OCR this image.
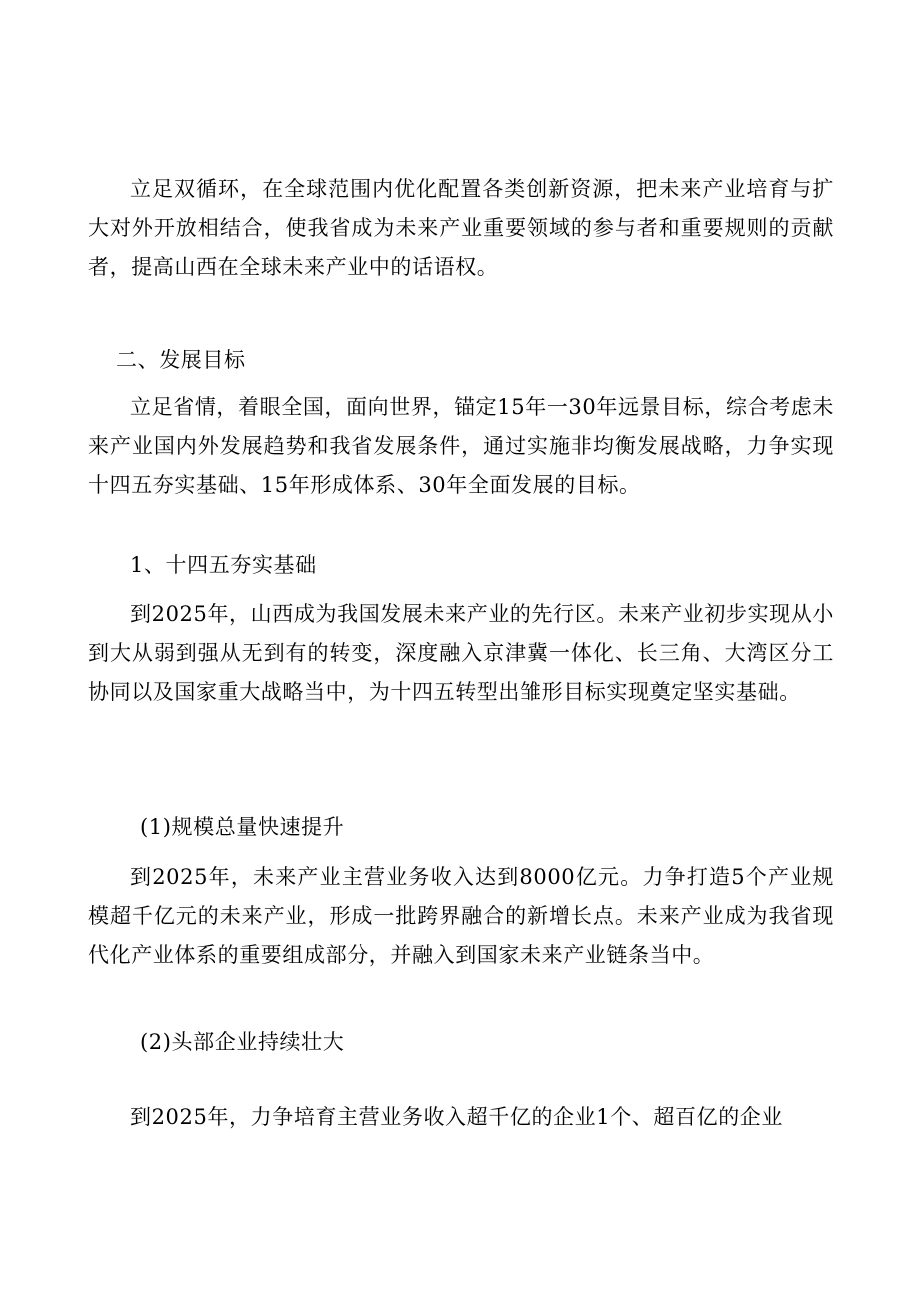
立足双循环，在全球范围内优化配置各类创新资源，把未来产业培育与扩大对外开放相结合，使我省成为未来产业重要领域的参与者和重要规则的贡献者，提高山西在全球未来产业中的话语权。

二、发展目标

立足省情，着眼全国，面向世界，锚定15年一30年远景目标，综合考虑未来产业国内外发展趋势和我省发展条件，通过实施非均衡发展战略，力争实现十四五夯实基础、15年形成体系、30年全面发展的目标。

1、十四五夯实基础

到2025年，山西成为我国发展未来产业的先行区。未来产业初步实现从小到大从弱到强从无到有的转变，深度融入京津冀一体化、长三角、大湾区分工协同以及国家重大战略当中，为十四五转型出雏形目标实现奠定坚实基础。

(1)规模总量快速提升

到2025年，未来产业主营业务收入达到8000亿元。力争打造5个产业规模超千亿元的未来产业，形成一批跨界融合的新增长点。未来产业成为我省现代化产业体系的重要组成部分，并融入到国家未来产业链条当中。

(2)头部企业持续壮大

到2025年，力争培育主营业务收入超千亿的企业1个、超百亿的企业
